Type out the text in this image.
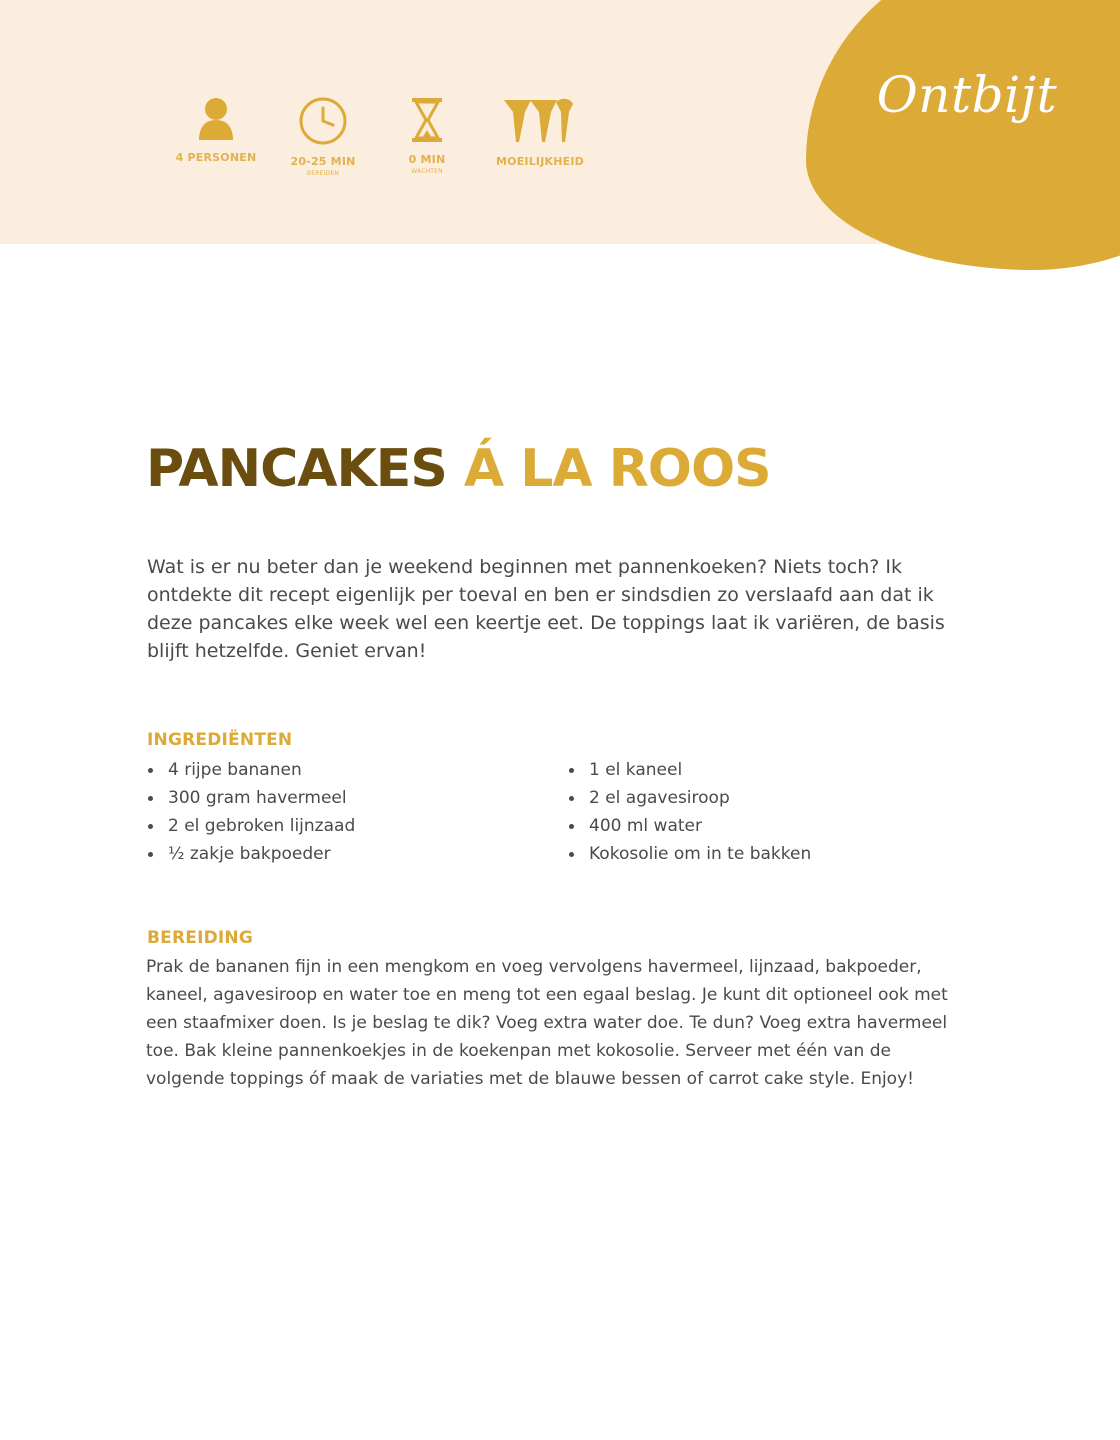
Ontbijt
4 PERSONEN	20-25 MIN
BEREIDEN
0 MIN
WACHTEN
MOEILIJKHEID
PANCAKES Á LA ROOS

Wat is er nu beter dan je weekend beginnen met pannenkoeken? Niets toch? Ik ontdekte dit recept eigenlijk per toeval en ben er sindsdien zo verslaafd aan dat ik deze pancakes elke week wel een keertje eet. De toppings laat ik variëren, de basis blijft hetzelfde. Geniet ervan!

INGREDIËNTEN
4 rijpe bananen
300 gram havermeel
2 el gebroken lijnzaad
½ zakje bakpoeder
1 el kaneel
2 el agavesiroop
400 ml water
Kokosolie om in te bakken
BEREIDING

Prak de bananen fijn in een mengkom en voeg vervolgens havermeel, lijnzaad, bakpoeder, kaneel, agavesiroop en water toe en meng tot een egaal beslag. Je kunt dit optioneel ook met een staafmixer doen. Is je beslag te dik? Voeg extra water doe. Te dun? Voeg extra havermeel toe. Bak kleine pannenkoekjes in de koekenpan met kokosolie. Serveer met één van de volgende toppings óf maak de variaties met de blauwe bessen of carrot cake style. Enjoy!
